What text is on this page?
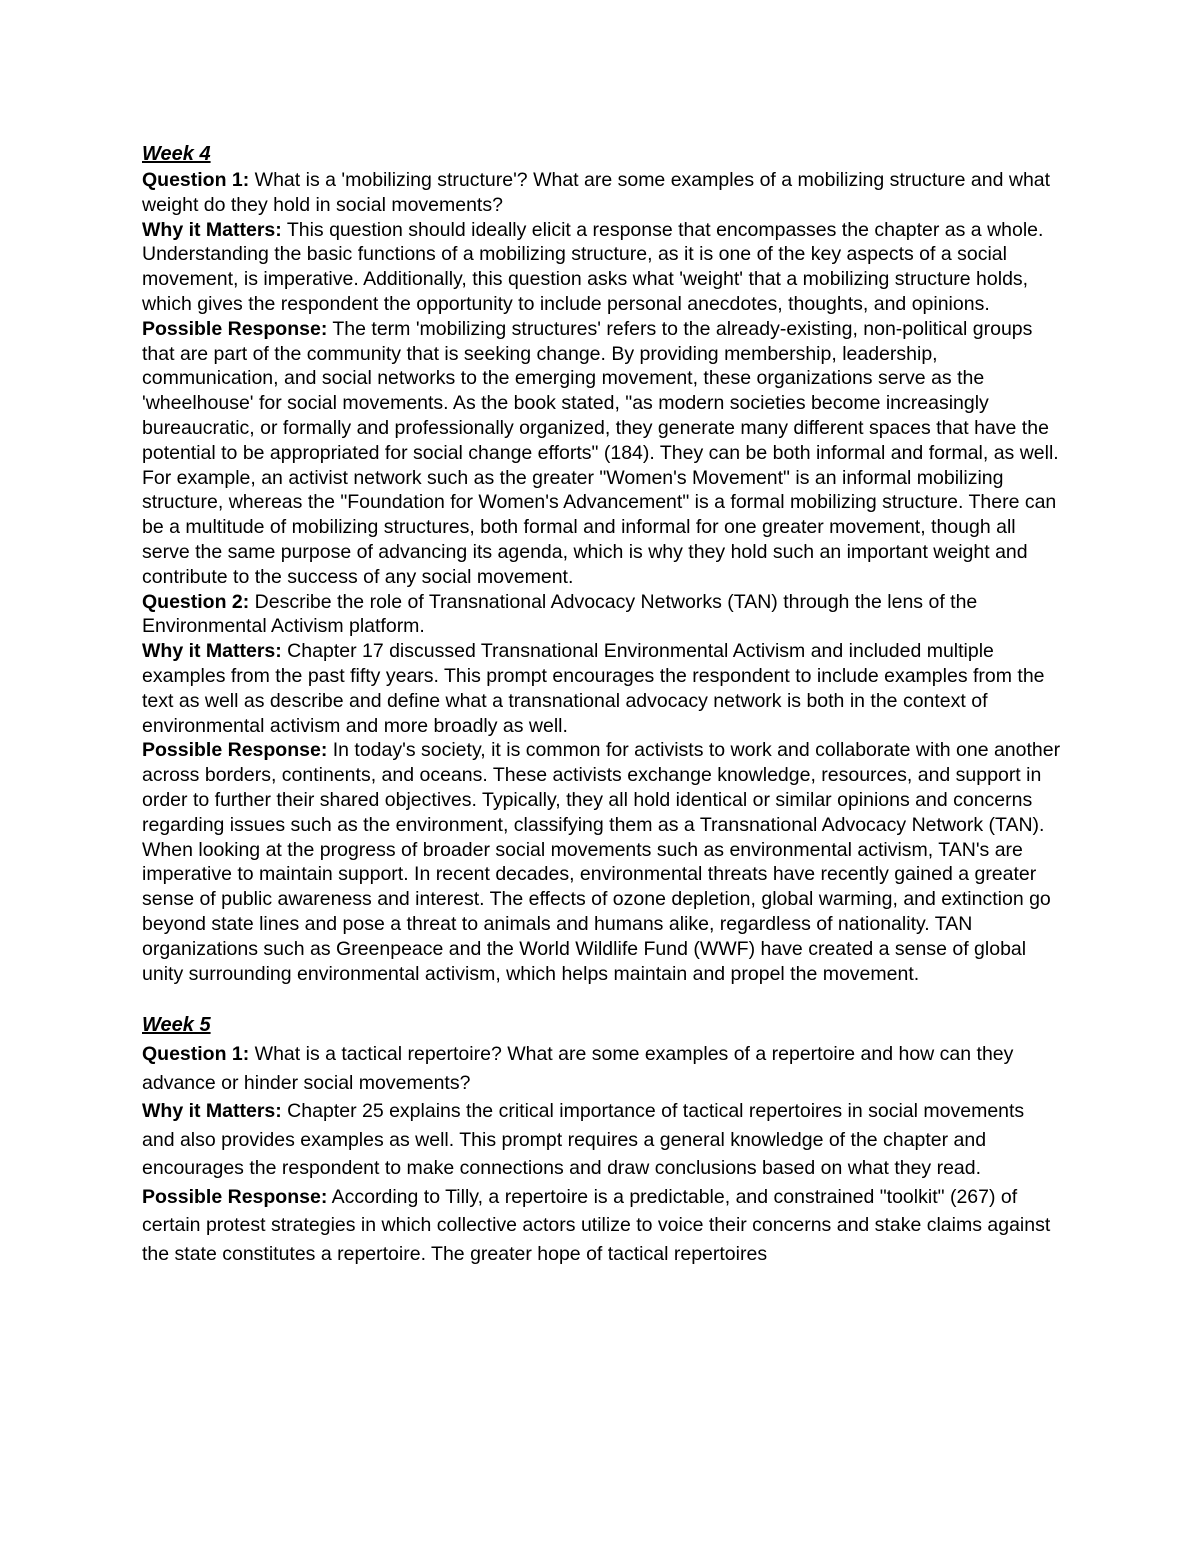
Week 4

Question 1: What is a 'mobilizing structure'? What are some examples of a mobilizing structure and what weight do they hold in social movements?

Why it Matters: This question should ideally elicit a response that encompasses the chapter as a whole. Understanding the basic functions of a mobilizing structure, as it is one of the key aspects of a social movement, is imperative. Additionally, this question asks what 'weight' that a mobilizing structure holds, which gives the respondent the opportunity to include personal anecdotes, thoughts, and opinions.

Possible Response: The term 'mobilizing structures' refers to the already-existing, non-political groups that are part of the community that is seeking change. By providing membership, leadership, communication, and social networks to the emerging movement, these organizations serve as the 'wheelhouse' for social movements. As the book stated, "as modern societies become increasingly bureaucratic, or formally and professionally organized, they generate many different spaces that have the potential to be appropriated for social change efforts" (184). They can be both informal and formal, as well. For example, an activist network such as the greater "Women's Movement" is an informal mobilizing structure, whereas the "Foundation for Women's Advancement" is a formal mobilizing structure. There can be a multitude of mobilizing structures, both formal and informal for one greater movement, though all serve the same purpose of advancing its agenda, which is why they hold such an important weight and contribute to the success of any social movement.

Question 2: Describe the role of Transnational Advocacy Networks (TAN) through the lens of the Environmental Activism platform.

Why it Matters: Chapter 17 discussed Transnational Environmental Activism and included multiple examples from the past fifty years. This prompt encourages the respondent to include examples from the text as well as describe and define what a transnational advocacy network is both in the context of environmental activism and more broadly as well.

Possible Response: In today's society, it is common for activists to work and collaborate with one another across borders, continents, and oceans. These activists exchange knowledge, resources, and support in order to further their shared objectives. Typically, they all hold identical or similar opinions and concerns regarding issues such as the environment, classifying them as a Transnational Advocacy Network (TAN). When looking at the progress of broader social movements such as environmental activism, TAN's are imperative to maintain support. In recent decades, environmental threats have recently gained a greater sense of public awareness and interest. The effects of ozone depletion, global warming, and extinction go beyond state lines and pose a threat to animals and humans alike, regardless of nationality. TAN organizations such as Greenpeace and the World Wildlife Fund (WWF) have created a sense of global unity surrounding environmental activism, which helps maintain and propel the movement.

Week 5

Question 1: What is a tactical repertoire? What are some examples of a repertoire and how can they advance or hinder social movements?

Why it Matters: Chapter 25 explains the critical importance of tactical repertoires in social movements and also provides examples as well. This prompt requires a general knowledge of the chapter and encourages the respondent to make connections and draw conclusions based on what they read.

Possible Response: According to Tilly, a repertoire is a predictable, and constrained "toolkit" (267) of certain protest strategies in which collective actors utilize to voice their concerns and stake claims against the state constitutes a repertoire. The greater hope of tactical repertoires
